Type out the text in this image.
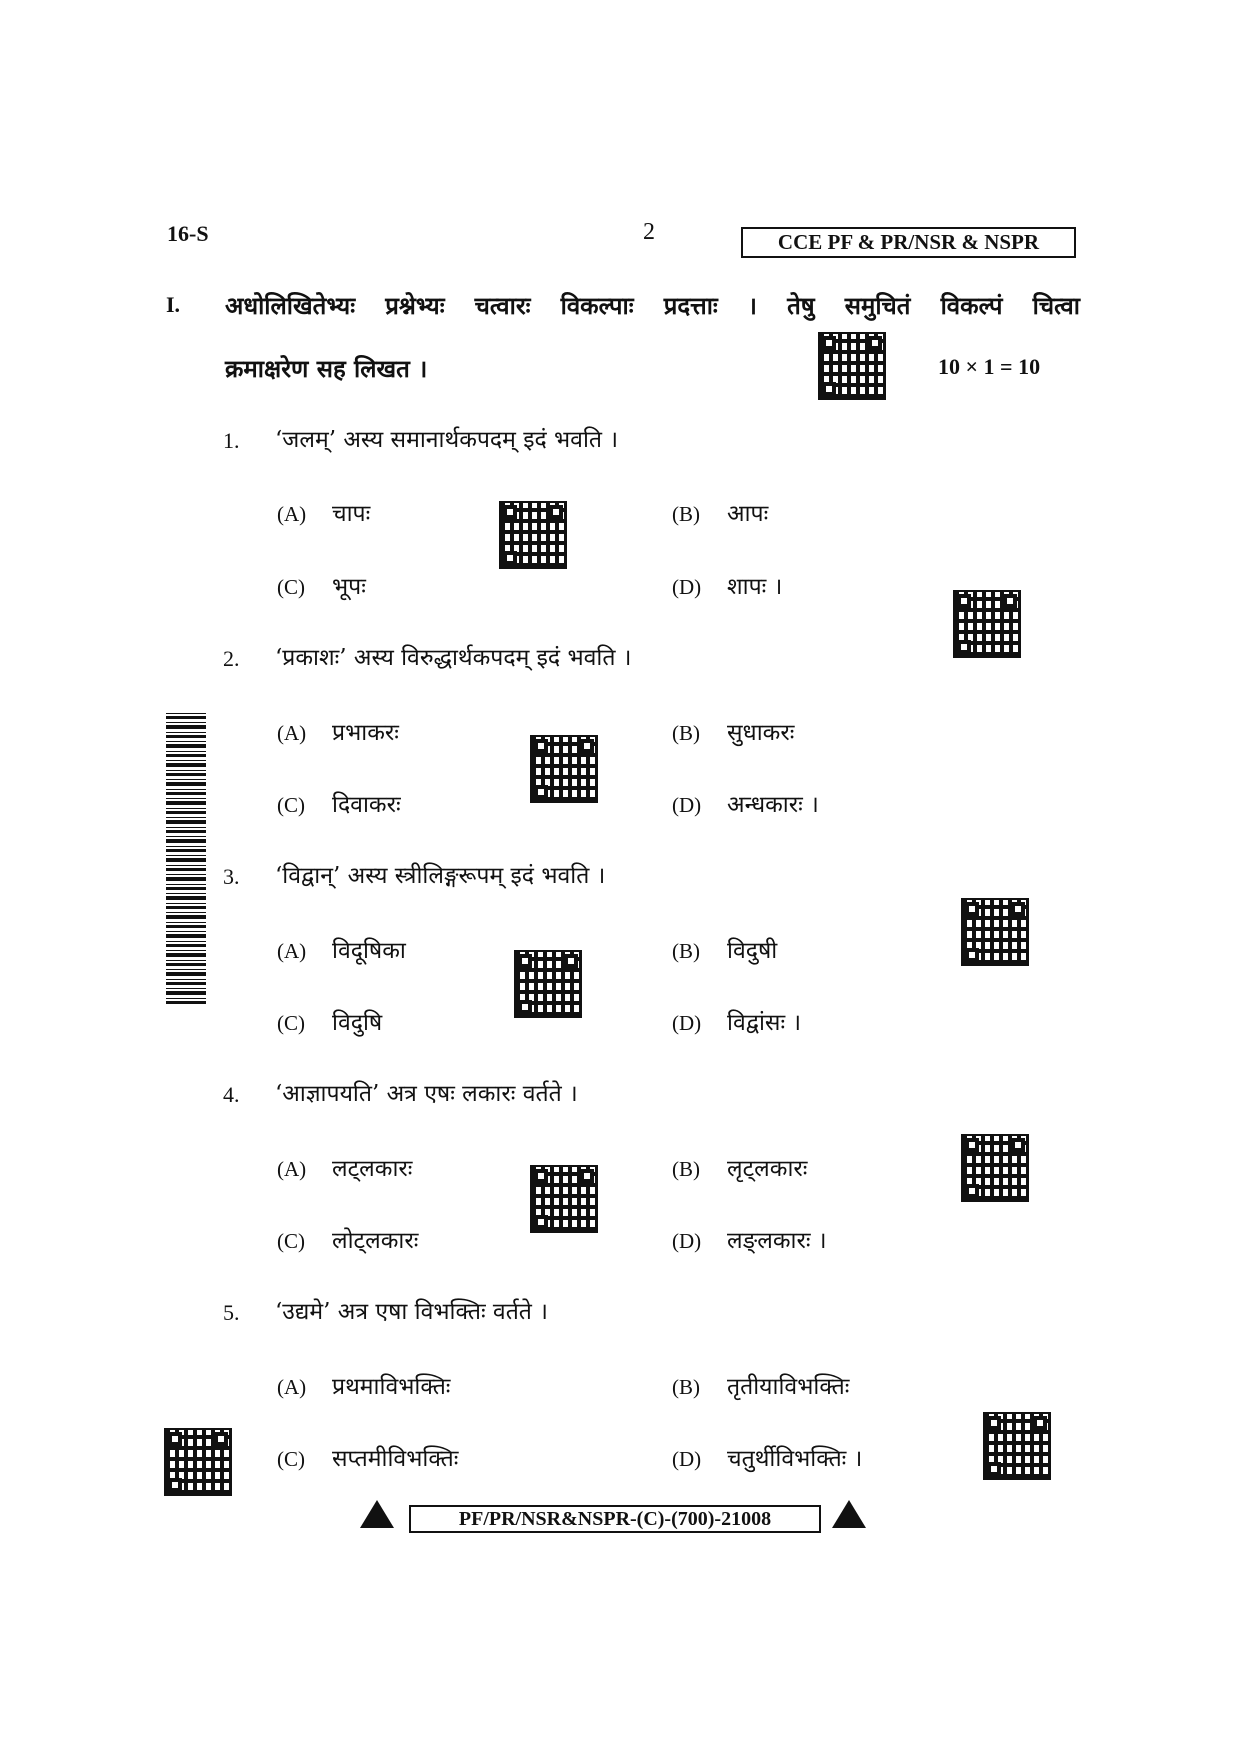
16-S	2	CCE PF & PR/NSR & NSPR
I. अधोलिखितेभ्यः प्रश्नेभ्यः चत्वारः विकल्पाः प्रदत्ताः । तेषु समुचितं विकल्पं चित्वा
क्रमाक्षरेण सह लिखत ।	10 × 1 = 10
1. ‘जलम्’ अस्य समानार्थकपदम् इदं भवति ।
(A) चापः	(B) आपः
(C) भूपः	(D) शापः ।
2. ‘प्रकाशः’ अस्य विरुद्धार्थकपदम् इदं भवति ।
(A) प्रभाकरः	(B) सुधाकरः
(C) दिवाकरः	(D) अन्धकारः ।
3. ‘विद्वान्’ अस्य स्त्रीलिङ्गरूपम् इदं भवति ।
(A) विदूषिका	(B) विदुषी
(C) विदुषि	(D) विद्वांसः ।
4. ‘आज्ञापयति’ अत्र एषः लकारः वर्तते ।
(A) लट्लकारः	(B) लृट्लकारः
(C) लोट्लकारः	(D) लङ्लकारः ।
5. ‘उद्यमे’ अत्र एषा विभक्तिः वर्तते ।
(A) प्रथमाविभक्तिः	(B) तृतीयाविभक्तिः
(C) सप्तमीविभक्तिः	(D) चतुर्थीविभक्तिः ।
PF/PR/NSR&NSPR-(C)-(700)-21008
